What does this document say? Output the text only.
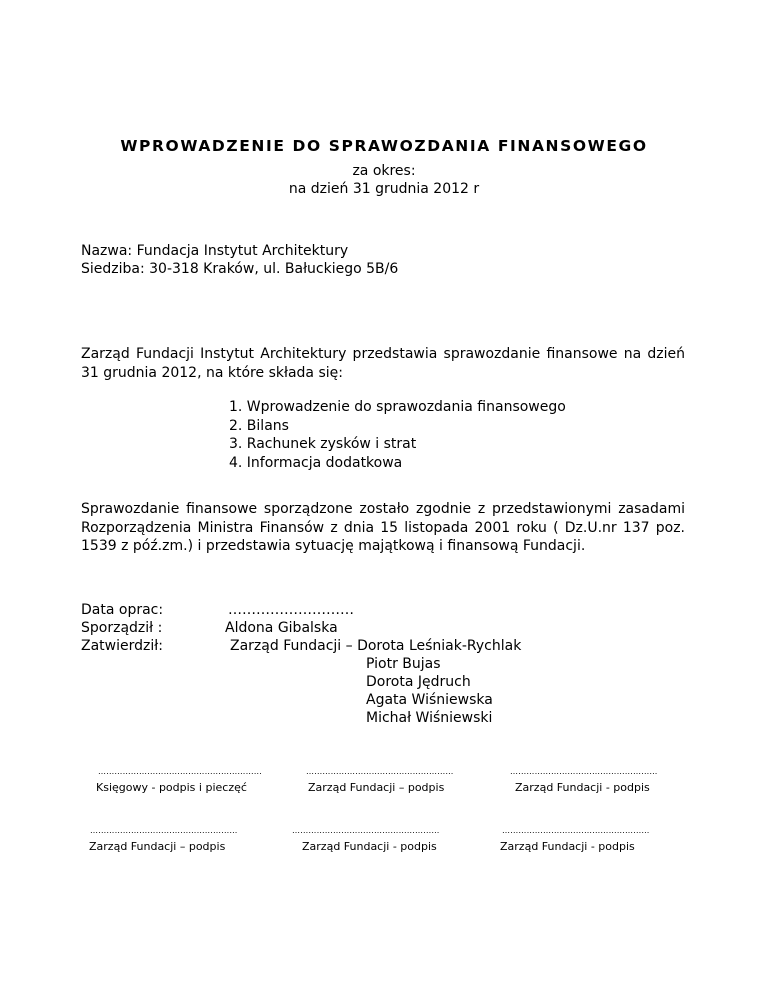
WPROWADZENIE DO SPRAWOZDANIA FINANSOWEGO
za okres:
na dzień 31 grudnia 2012 r
Nazwa: Fundacja Instytut Architektury
Siedziba: 30-318 Kraków, ul. Bałuckiego 5B/6
Zarząd Fundacji Instytut Architektury przedstawia sprawozdanie finansowe na dzień 31 grudnia 2012, na które składa się:
1. Wprowadzenie do sprawozdania finansowego
2. Bilans
3. Rachunek zysków i strat
4. Informacja dodatkowa
Sprawozdanie finansowe sporządzone zostało zgodnie z przedstawionymi zasadami Rozporządzenia Ministra Finansów z dnia 15 listopada 2001 roku ( Dz.U.nr 137 poz. 1539 z póź.zm.) i przedstawia sytuację majątkową i finansową Fundacji.
Data oprac:	………………………
Sporządził :	Aldona Gibalska
Zatwierdził:	Zarząd Fundacji – Dorota Leśniak-Rychlak
Piotr Bujas
Dorota Jędruch
Agata Wiśniewska
Michał Wiśniewski
……………………………………………………
Księgowy - podpis i pieczęć
………………………………………………
Zarząd Fundacji – podpis
………………………………………………
Zarząd Fundacji - podpis
………………………………………………
Zarząd Fundacji – podpis
………………………………………………
Zarząd Fundacji - podpis
………………………………………………
Zarząd Fundacji - podpis
